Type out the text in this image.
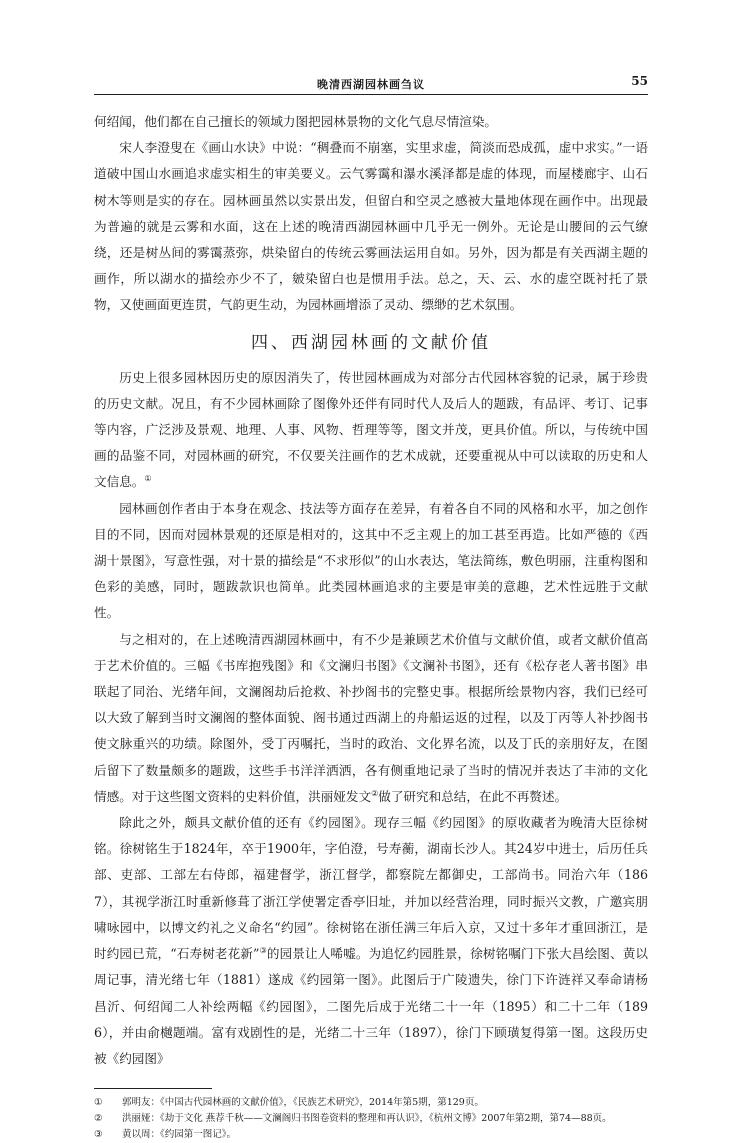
晚清西湖园林画刍议	55

何绍闻，他们都在自己擅长的领域力图把园林景物的文化气息尽情渲染。

宋人李澄叟在《画山水诀》中说：“稠叠而不崩塞，实里求虚，简淡而恐成孤，虚中求实。”一语道破中国山水画追求虚实相生的审美要义。云气雾霭和瀑水溪泽都是虚的体现，而屋楼廊宇、山石树木等则是实的存在。园林画虽然以实景出发，但留白和空灵之感被大量地体现在画作中。出现最为普遍的就是云雾和水面，这在上述的晚清西湖园林画中几乎无一例外。无论是山腰间的云气缭绕，还是树丛间的雾霭蒸弥，烘染留白的传统云雾画法运用自如。另外，因为都是有关西湖主题的画作，所以湖水的描绘亦少不了，皴染留白也是惯用手法。总之，天、云、水的虚空既衬托了景物，又使画面更连贯，气韵更生动，为园林画增添了灵动、缥缈的艺术氛围。

四、西湖园林画的文献价值

历史上很多园林因历史的原因消失了，传世园林画成为对部分古代园林容貌的记录，属于珍贵的历史文献。况且，有不少园林画除了图像外还伴有同时代人及后人的题跋，有品评、考订、记事等内容，广泛涉及景观、地理、人事、风物、哲理等等，图文并茂，更具价值。所以，与传统中国画的品鉴不同，对园林画的研究，不仅要关注画作的艺术成就，还要重视从中可以读取的历史和人文信息。①

园林画创作者由于本身在观念、技法等方面存在差异，有着各自不同的风格和水平，加之创作目的不同，因而对园林景观的还原是相对的，这其中不乏主观上的加工甚至再造。比如严德的《西湖十景图》，写意性强，对十景的描绘是“不求形似”的山水表达，笔法简练，敷色明丽，注重构图和色彩的美感，同时，题跋款识也简单。此类园林画追求的主要是审美的意趣，艺术性远胜于文献性。

与之相对的，在上述晚清西湖园林画中，有不少是兼顾艺术价值与文献价值，或者文献价值高于艺术价值的。三幅《书库抱残图》和《文澜归书图》《文澜补书图》，还有《松存老人著书图》串联起了同治、光绪年间，文澜阁劫后抢救、补抄阁书的完整史事。根据所绘景物内容，我们已经可以大致了解到当时文澜阁的整体面貌、阁书通过西湖上的舟船运返的过程，以及丁丙等人补抄阁书使文脉重兴的功绩。除图外，受丁丙嘱托，当时的政治、文化界名流，以及丁氏的亲朋好友，在图后留下了数量颇多的题跋，这些手书洋洋洒洒，各有侧重地记录了当时的情况并表达了丰沛的文化情感。对于这些图文资料的史料价值，洪丽娅发文②做了研究和总结，在此不再赘述。

除此之外，颇具文献价值的还有《约园图》。现存三幅《约园图》的原收藏者为晚清大臣徐树铭。徐树铭生于1824年，卒于1900年，字伯澄，号寿蘅，湖南长沙人。其24岁中进士，后历任兵部、吏部、工部左右侍郎，福建督学，浙江督学，都察院左都御史，工部尚书。同治六年（1867），其视学浙江时重新修葺了浙江学使署定香亭旧址，并加以经营治理，同时振兴文教，广邀宾朋啸咏园中，以博文约礼之义命名“约园”。徐树铭在浙任满三年后入京，又过十多年才重回浙江，是时约园已荒，“石寿树老花新”③的园景让人唏嘘。为追忆约园胜景，徐树铭嘱门下张大昌绘图、黄以周记事，清光绪七年（1881）遂成《约园第一图》。此图后于广陵遗失，徐门下许涟祥又奉命请杨昌沂、何绍闻二人补绘两幅《约园图》，二图先后成于光绪二十一年（1895）和二十二年（1896），并由俞樾题端。富有戏剧性的是，光绪二十三年（1897），徐门下顾璜复得第一图。这段历史被《约园图》

① 郭明友：《中国古代园林画的文献价值》，《民族艺术研究》，2014年第5期，第129页。
② 洪丽娅：《劫于文化 燕荐千秋——文澜阁归书图卷资料的整理和再认识》，《杭州文博》2007年第2期，第74—88页。
③ 黄以周：《约园第一图记》。
